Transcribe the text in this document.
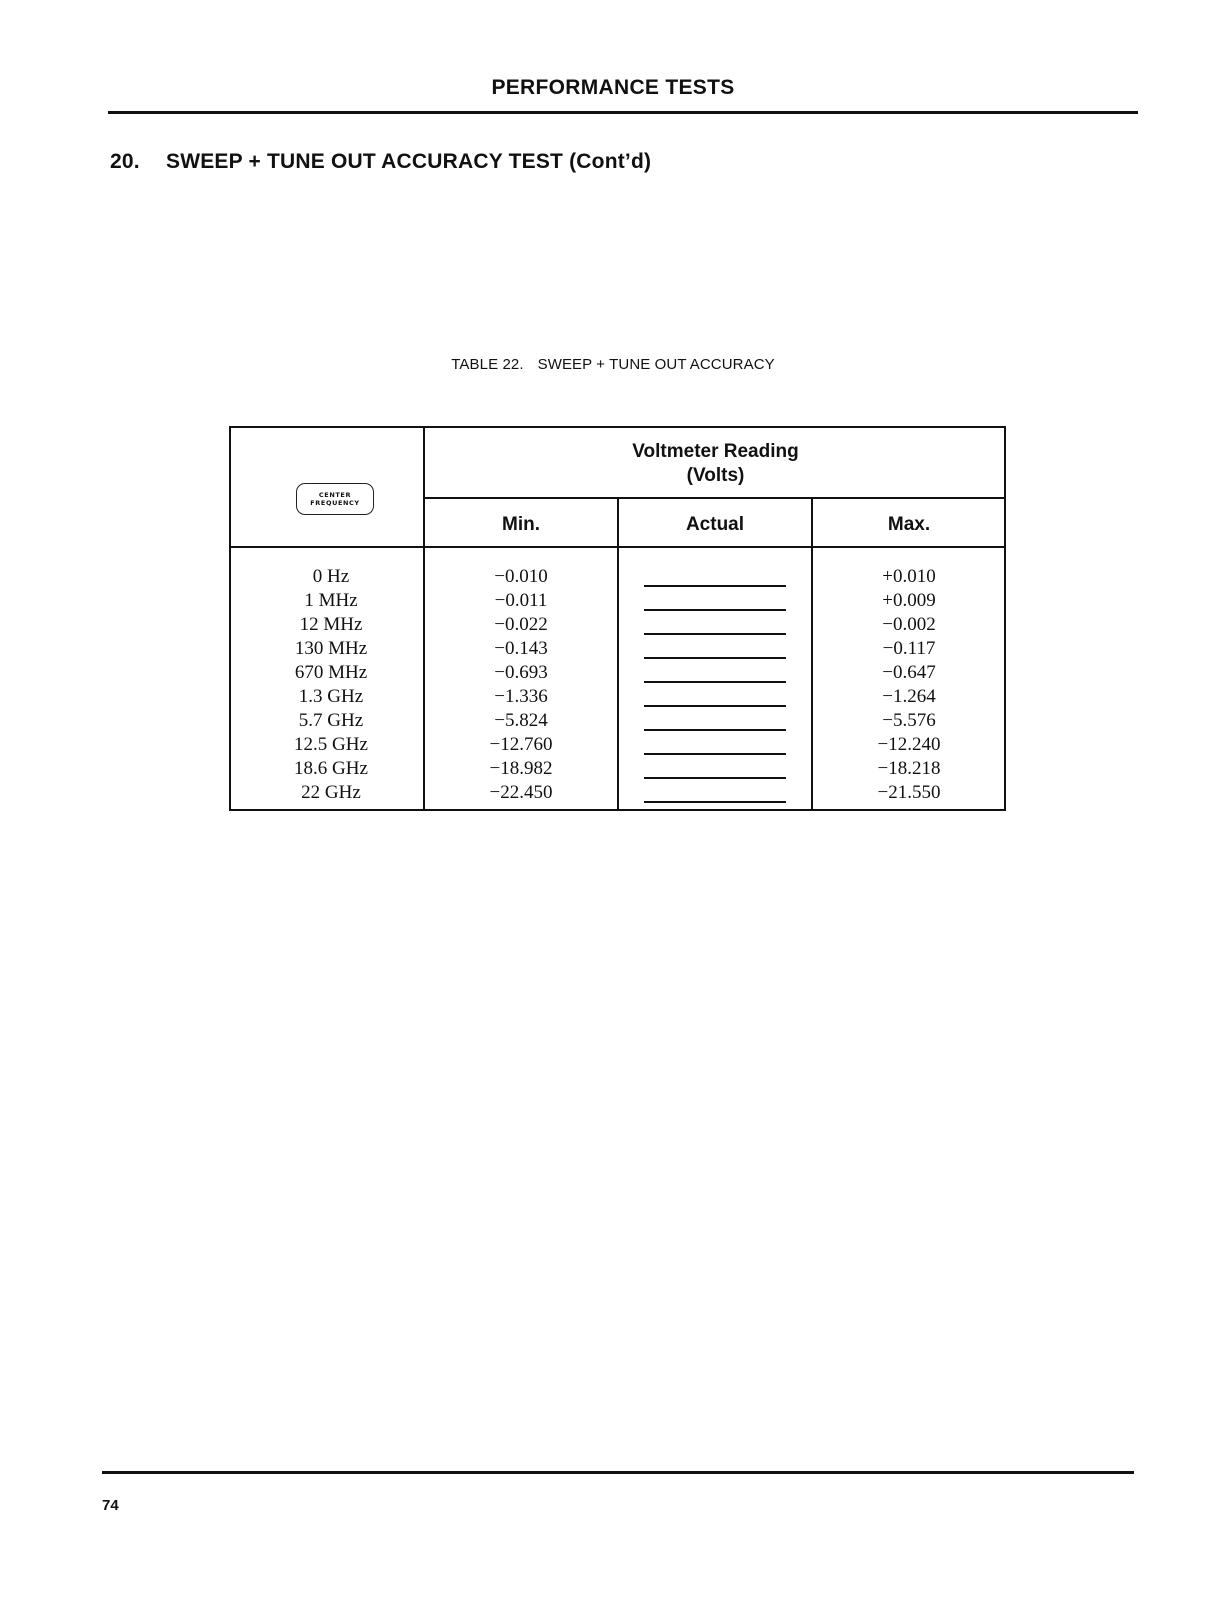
PERFORMANCE TESTS
20. SWEEP + TUNE OUT ACCURACY TEST (Cont’d)
TABLE 22. SWEEP + TUNE OUT ACCURACY
CENTER
FREQUENCY
Voltmeter Reading
(Volts)
Min.	Actual	Max.
0 Hz
1 MHz
12 MHz
130 MHz
670 MHz
1.3 GHz
5.7 GHz
12.5 GHz
18.6 GHz
22 GHz
−0.010
−0.011
−0.022
−0.143
−0.693
−1.336
−5.824
−12.760
−18.982
−22.450
+0.010
+0.009
−0.002
−0.117
−0.647
−1.264
−5.576
−12.240
−18.218
−21.550
74
